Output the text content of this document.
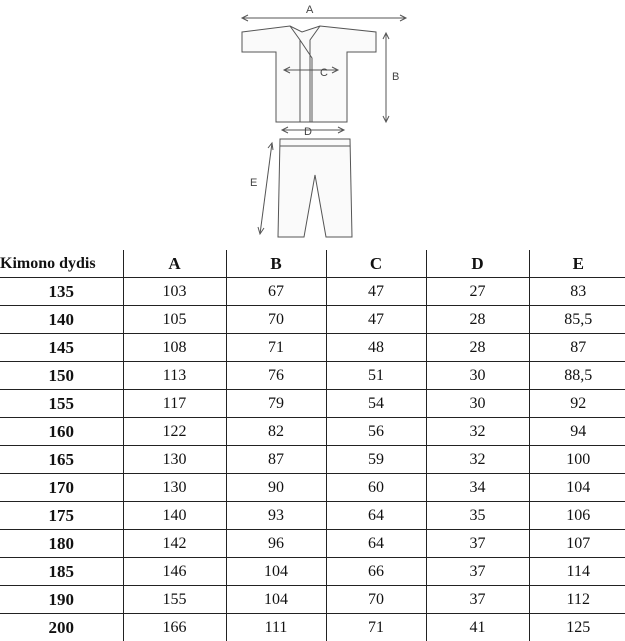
A
C	B
D
E
Kimono dydis	A	B	C	D	E
135	103	67	47	27	83
140	105	70	47	28	85,5
145	108	71	48	28	87
150	113	76	51	30	88,5
155	117	79	54	30	92
160	122	82	56	32	94
165	130	87	59	32	100
170	130	90	60	34	104
175	140	93	64	35	106
180	142	96	64	37	107
185	146	104	66	37	114
190	155	104	70	37	112
200	166	111	71	41	125
